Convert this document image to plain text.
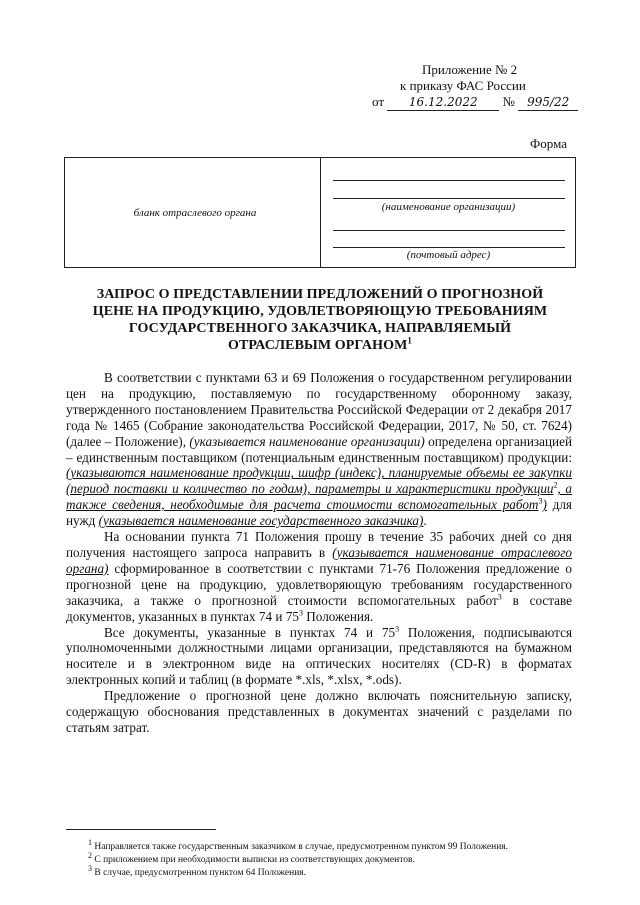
Приложение № 2
к приказу ФАС России
от 16.12.2022 № 995/22
Форма
бланк отраслевого органа	(наименование организации)
(почтовый адрес)
ЗАПРОС О ПРЕДСТАВЛЕНИИ ПРЕДЛОЖЕНИЙ О ПРОГНОЗНОЙ
ЦЕНЕ НА ПРОДУКЦИЮ, УДОВЛЕТВОРЯЮЩУЮ ТРЕБОВАНИЯМ
ГОСУДАРСТВЕННОГО ЗАКАЗЧИКА, НАПРАВЛЯЕМЫЙ
ОТРАСЛЕВЫМ ОРГАНОМ$^1$

В соответствии с пунктами 63 и 69 Положения о государственном регулировании цен на продукцию, поставляемую по государственному оборонному заказу, утвержденного постановлением Правительства Российской Федерации от 2 декабря 2017 года № 1465 (Собрание законодательства Российской Федерации, 2017, № 50, ст. 7624) (далее – Положение), (указывается наименование организации) определена организацией – единственным поставщиком (потенциальным единственным поставщиком) продукции: (указываются наименование продукции, шифр (индекс), планируемые объемы ее закупки (период поставки и количество по годам), параметры и характеристики продукции$^2$, а также сведения, необходимые для расчета стоимости вспомогательных работ$^3$) для нужд (указывается наименование государственного заказчика).

На основании пункта 71 Положения прошу в течение 35 рабочих дней со дня получения настоящего запроса направить в (указывается наименование отраслевого органа) сформированное в соответствии с пунктами 71-76 Положения предложение о прогнозной цене на продукцию, удовлетворяющую требованиям государственного заказчика, а также о прогнозной стоимости вспомогательных работ$^3$ в составе документов, указанных в пунктах 74 и $75^3$ Положения.

Все документы, указанные в пунктах 74 и $75^3$ Положения, подписываются уполномоченными должностными лицами организации, представляются на бумажном носителе и в электронном виде на оптических носителях (CD-R) в форматах электронных копий и таблиц (в формате *.xls, *.xlsx, *.ods).

Предложение о прогнозной цене должно включать пояснительную записку, содержащую обоснования представленных в документах значений с разделами по статьям затрат.

$^1$ Направляется также государственным заказчиком в случае, предусмотренном пунктом 99 Положения.
$^2$ С приложением при необходимости выписки из соответствующих документов.
$^3$ В случае, предусмотренном пунктом 64 Положения.
